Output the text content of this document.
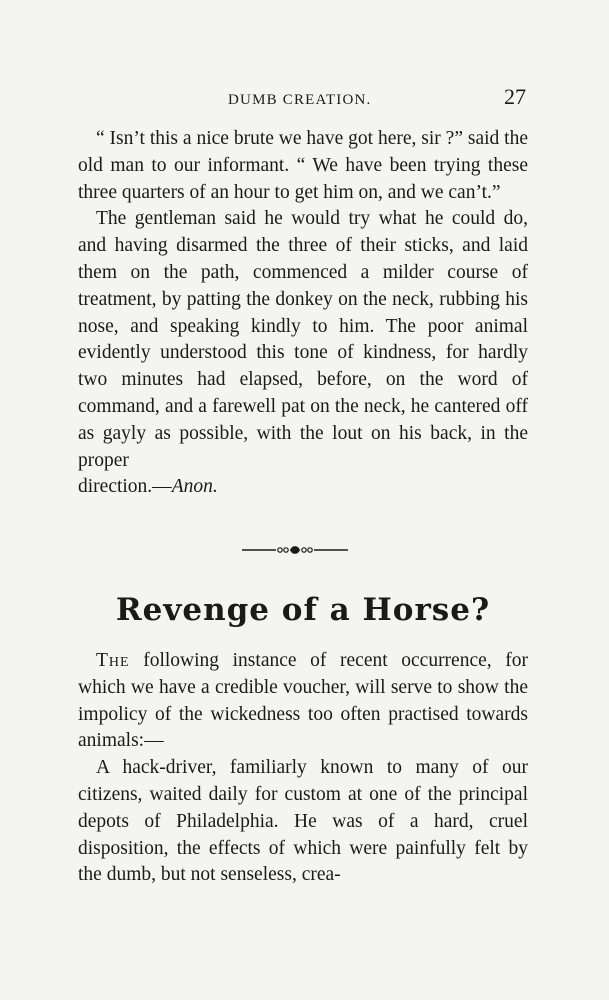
DUMB CREATION.	27

“ Isn’t this a nice brute we have got here, sir ?” said the old man to our informant. “ We have been trying these three quarters of an hour to get him on, and we can’t.”

The gentleman said he would try what he could do, and having disarmed the three of their sticks, and laid them on the path, commenced a milder course of treatment, by patting the donkey on the neck, rubbing his nose, and speaking kindly to him. The poor animal evidently understood this tone of kindness, for hardly two minutes had elapsed, before, on the word of command, and a farewell pat on the neck, he cantered off as gayly as possible, with the lout on his back, in the proper

direction.—Anon.

Revenge of a Horse?

The following instance of recent occurrence, for which we have a credible voucher, will serve to show the impolicy of the wickedness too often practised towards animals:—

A hack-driver, familiarly known to many of our citizens, waited daily for custom at one of the principal depots of Philadelphia. He was of a hard, cruel disposition, the effects of which were painfully felt by the dumb, but not senseless, crea-
